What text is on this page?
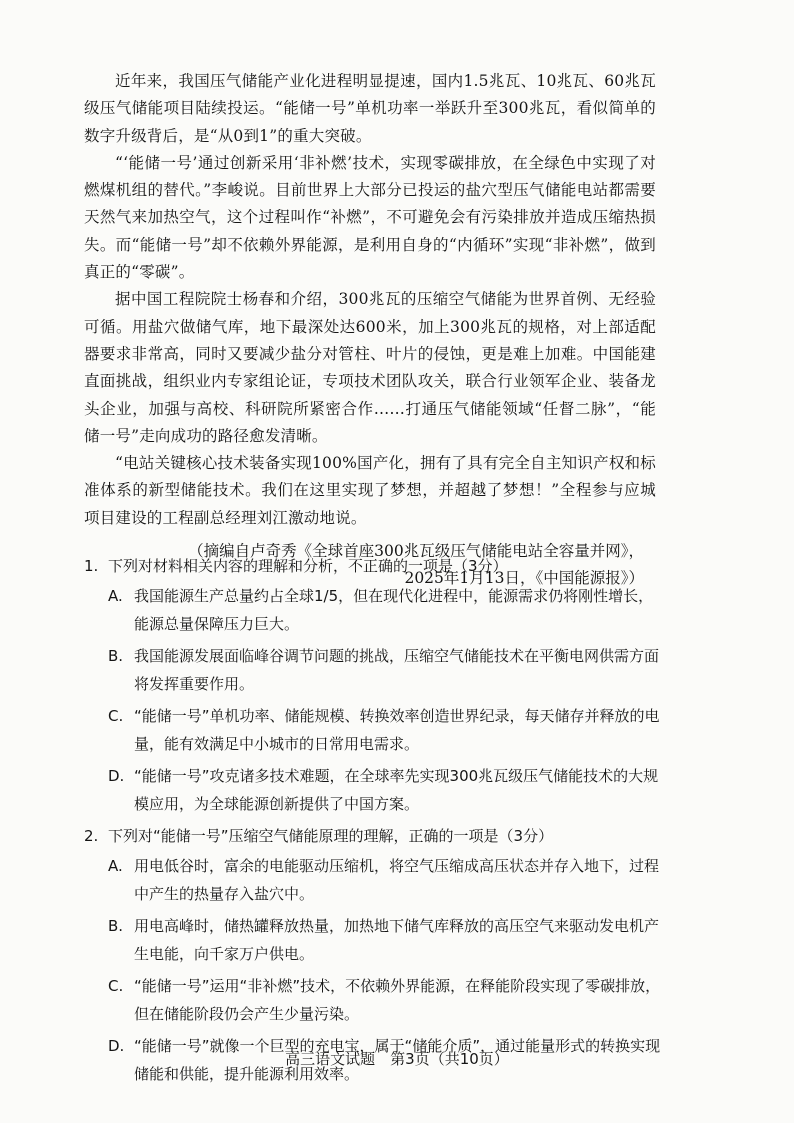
近年来，我国压气储能产业化进程明显提速，国内1.5兆瓦、10兆瓦、60兆瓦级压气储能项目陆续投运。“能储一号”单机功率一举跃升至300兆瓦，看似简单的数字升级背后，是“从0到1”的重大突破。

“‘能储一号’通过创新采用‘非补燃’技术，实现零碳排放，在全绿色中实现了对燃煤机组的替代。”李峻说。目前世界上大部分已投运的盐穴型压气储能电站都需要天然气来加热空气，这个过程叫作“补燃”，不可避免会有污染排放并造成压缩热损失。而“能储一号”却不依赖外界能源，是利用自身的“内循环”实现“非补燃”，做到真正的“零碳”。

据中国工程院院士杨春和介绍，300兆瓦的压缩空气储能为世界首例、无经验可循。用盐穴做储气库，地下最深处达600米，加上300兆瓦的规格，对上部适配器要求非常高，同时又要减少盐分对管柱、叶片的侵蚀，更是难上加难。中国能建直面挑战，组织业内专家组论证，专项技术团队攻关，联合行业领军企业、装备龙头企业，加强与高校、科研院所紧密合作……打通压气储能领域“任督二脉”，“能储一号”走向成功的路径愈发清晰。

“电站关键核心技术装备实现100%国产化，拥有了具有完全自主知识产权和标准体系的新型储能技术。我们在这里实现了梦想，并超越了梦想！”全程参与应城项目建设的工程副总经理刘江激动地说。

（摘编自卢奇秀《全球首座300兆瓦级压气储能电站全容量并网》，
2025年1月13日，《中国能源报》）

1. 下列对材料相关内容的理解和分析，不正确的一项是（3分）

A. 我国能源生产总量约占全球1/5，但在现代化进程中，能源需求仍将刚性增长，能源总量保障压力巨大。
B. 我国能源发展面临峰谷调节问题的挑战，压缩空气储能技术在平衡电网供需方面将发挥重要作用。
C. “能储一号”单机功率、储能规模、转换效率创造世界纪录，每天储存并释放的电量，能有效满足中小城市的日常用电需求。
D. “能储一号”攻克诸多技术难题，在全球率先实现300兆瓦级压气储能技术的大规模应用，为全球能源创新提供了中国方案。

2. 下列对“能储一号”压缩空气储能原理的理解，正确的一项是（3分）

A. 用电低谷时，富余的电能驱动压缩机，将空气压缩成高压状态并存入地下，过程中产生的热量存入盐穴中。
B. 用电高峰时，储热罐释放热量，加热地下储气库释放的高压空气来驱动发电机产生电能，向千家万户供电。
C. “能储一号”运用“非补燃”技术，不依赖外界能源，在释能阶段实现了零碳排放，但在储能阶段仍会产生少量污染。
D. “能储一号”就像一个巨型的充电宝，属于“储能介质”，通过能量形式的转换实现储能和供能，提升能源利用效率。
高三语文试题　第3页（共10页）
